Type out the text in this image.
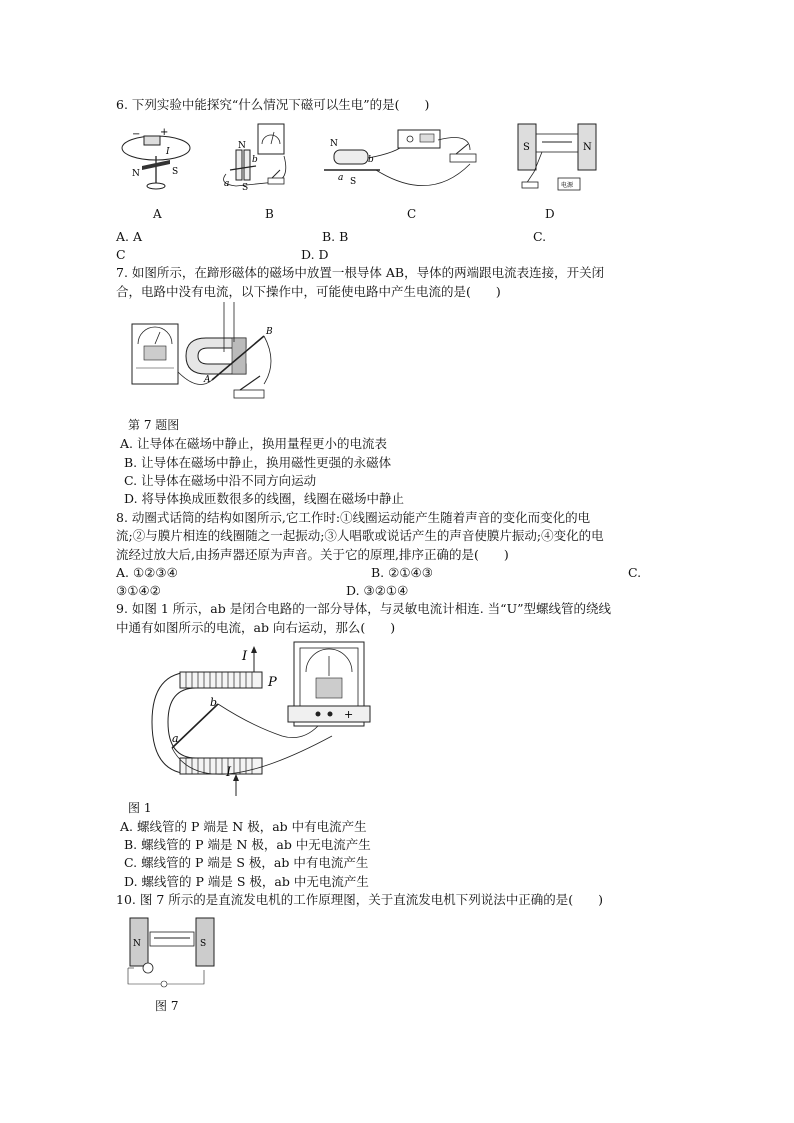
6. 下列实验中能探究“什么情况下磁可以生电”的是(　　)
+
−
I
N	S
N
b
a S
N
b
a S
S	N
电源
A	B	C	D
A. A	B. B	C.
C	D. D
7. 如图所示，在蹄形磁体的磁场中放置一根导体 AB，导体的两端跟电流表连接，开关闭
合，电路中没有电流，以下操作中，可能使电路中产生电流的是(　　)
B
A
第 7 题图
A. 让导体在磁场中静止，换用量程更小的电流表
B. 让导体在磁场中静止，换用磁性更强的永磁体
C. 让导体在磁场中沿不同方向运动
D. 将导体换成匝数很多的线圈，线圈在磁场中静止
8. 动圈式话筒的结构如图所示,它工作时:①线圈运动能产生随着声音的变化而变化的电
流;②与膜片相连的线圈随之一起振动;③人唱歌或说话产生的声音使膜片振动;④变化的电
流经过放大后,由扬声器还原为声音。关于它的原理,排序正确的是(　　)
A. ①②③④	B. ②①④③	C.
③①④②	D. ③②①④
9. 如图 1 所示，ab 是闭合电路的一部分导体，与灵敏电流计相连. 当“U”型螺线管的绕线
中通有如图所示的电流，ab 向右运动，那么(　　)
+
I
P
b
a
I
图 1
A. 螺线管的 P 端是 N 极，ab 中有电流产生
B. 螺线管的 P 端是 N 极，ab 中无电流产生
C. 螺线管的 P 端是 S 极，ab 中有电流产生
D. 螺线管的 P 端是 S 极，ab 中无电流产生
10. 图 7 所示的是直流发电机的工作原理图，关于直流发电机下列说法中正确的是(　　)
N	S
图 7
